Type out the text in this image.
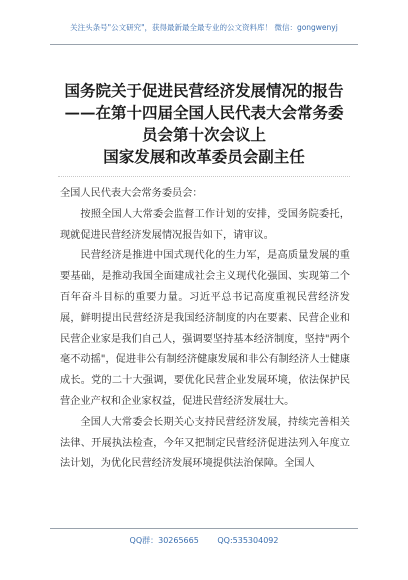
关注头条号"公文研究"，获得最新最全最专业的公文资料库！ 微信：gongwenyj
国务院关于促进民营经济发展情况的报告
——在第十四届全国人民代表大会常务委
员会第十次会议上
国家发展和改革委员会副主任

全国人民代表大会常务委员会：

按照全国人大常委会监督工作计划的安排，受国务院委托，现就促进民营经济发展情况报告如下，请审议。

民营经济是推进中国式现代化的生力军，是高质量发展的重要基础，是推动我国全面建成社会主义现代化强国、实现第二个百年奋斗目标的重要力量。习近平总书记高度重视民营经济发展，鲜明提出民营经济是我国经济制度的内在要素、民营企业和民营企业家是我们自己人，强调要坚持基本经济制度，坚持"两个毫不动摇"，促进非公有制经济健康发展和非公有制经济人士健康成长。党的二十大强调，要优化民营企业发展环境，依法保护民营企业产权和企业家权益，促进民营经济发展壮大。

全国人大常委会长期关心支持民营经济发展，持续完善相关法律、开展执法检查，今年又把制定民营经济促进法列入年度立法计划，为优化民营经济发展环境提供法治保障。全国人

QQ群：30265665 QQ:535304092
